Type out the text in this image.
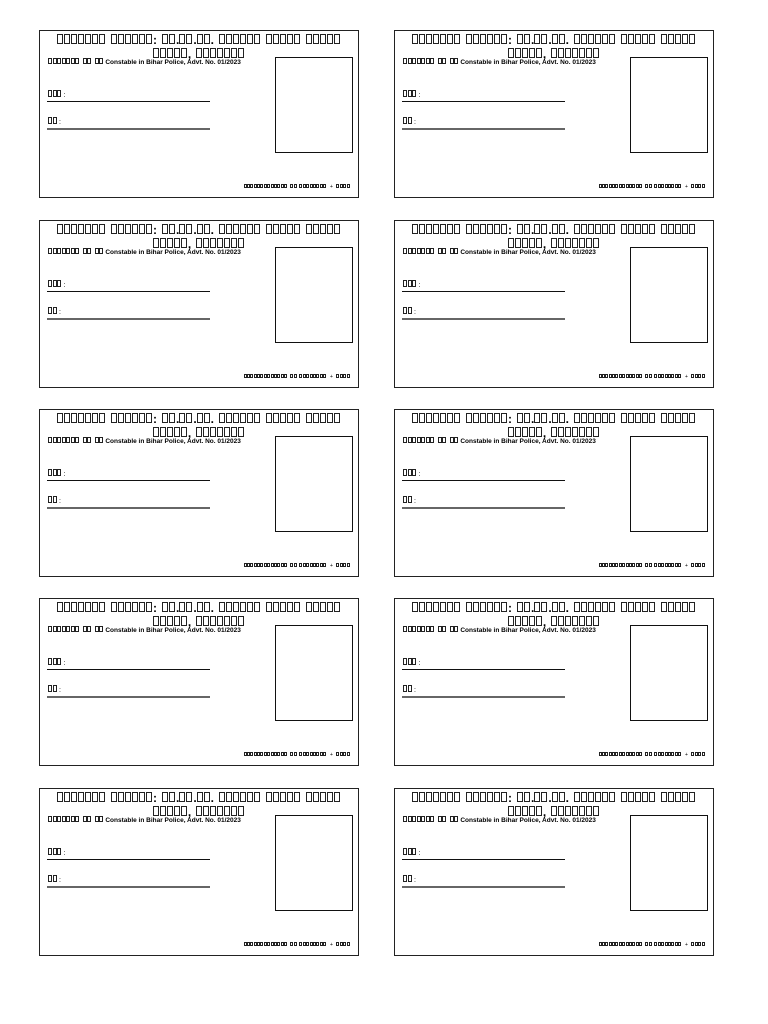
: . . .
,
Constable in Bihar Police, Advt. No. 01/2023
:
:
+
: . . .
,
Constable in Bihar Police, Advt. No. 01/2023
:
:
+
: . . .
,
Constable in Bihar Police, Advt. No. 01/2023
:
:
+
: . . .
,
Constable in Bihar Police, Advt. No. 01/2023
:
:
+
: . . .
,
Constable in Bihar Police, Advt. No. 01/2023
:
:
+
: . . .
,
Constable in Bihar Police, Advt. No. 01/2023
:
:
+
: . . .
,
Constable in Bihar Police, Advt. No. 01/2023
:
:
+
: . . .
,
Constable in Bihar Police, Advt. No. 01/2023
:
:
+
: . . .
,
Constable in Bihar Police, Advt. No. 01/2023
:
:
+
: . . .
,
Constable in Bihar Police, Advt. No. 01/2023
:
:
+
